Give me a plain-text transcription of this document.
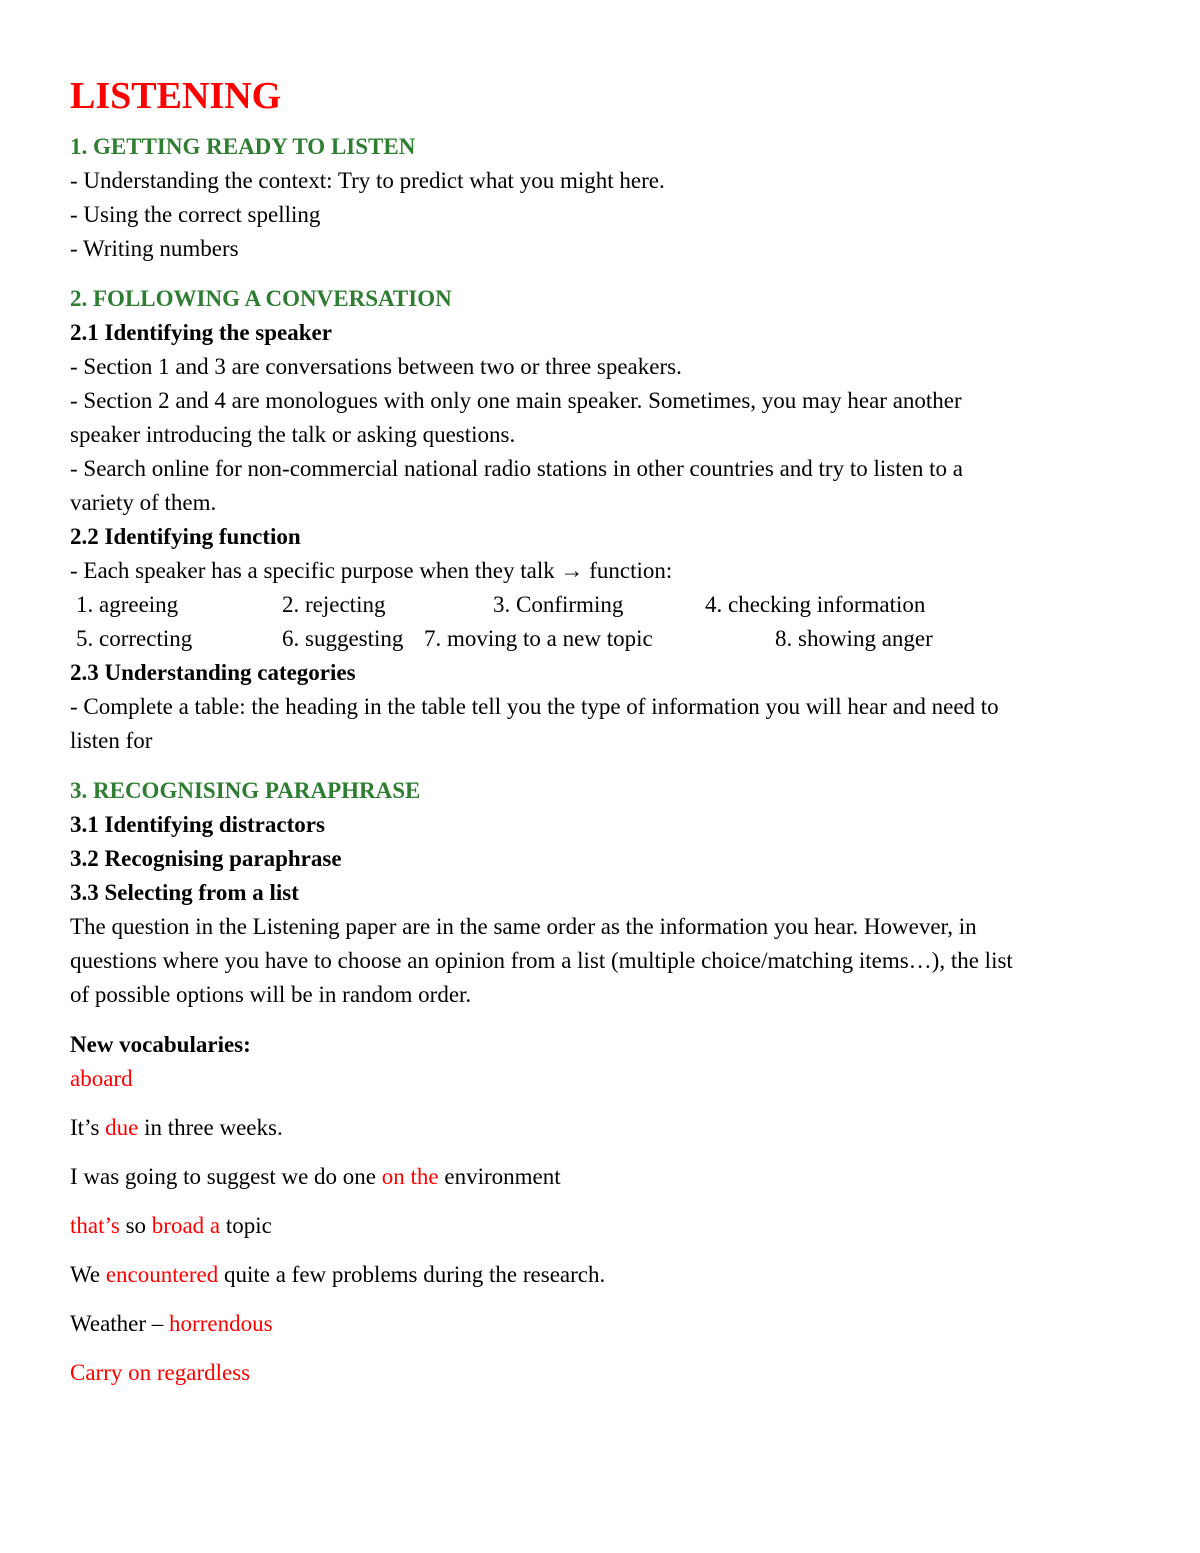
LISTENING
1. GETTING READY TO LISTEN
- Understanding the context: Try to predict what you might here.
- Using the correct spelling
- Writing numbers
2. FOLLOWING A CONVERSATION
2.1 Identifying the speaker
- Section 1 and 3 are conversations between two or three speakers.
- Section 2 and 4 are monologues with only one main speaker. Sometimes, you may hear another
speaker introducing the talk or asking questions.
- Search online for non-commercial national radio stations in other countries and try to listen to a
variety of them.
2.2 Identifying function
- Each speaker has a specific purpose when they talk → function:
1. agreeing	2. rejecting	3. Confirming	4. checking information
5. correcting	6. suggesting 7. moving to a new topic	8. showing anger
2.3 Understanding categories
- Complete a table: the heading in the table tell you the type of information you will hear and need to
listen for
3. RECOGNISING PARAPHRASE
3.1 Identifying distractors
3.2 Recognising paraphrase
3.3 Selecting from a list
The question in the Listening paper are in the same order as the information you hear. However, in
questions where you have to choose an opinion from a list (multiple choice/matching items…), the list
of possible options will be in random order.
New vocabularies:
aboard
It’s due in three weeks.
I was going to suggest we do one on the environment
that’s so broad a topic
We encountered quite a few problems during the research.
Weather – horrendous
Carry on regardless
